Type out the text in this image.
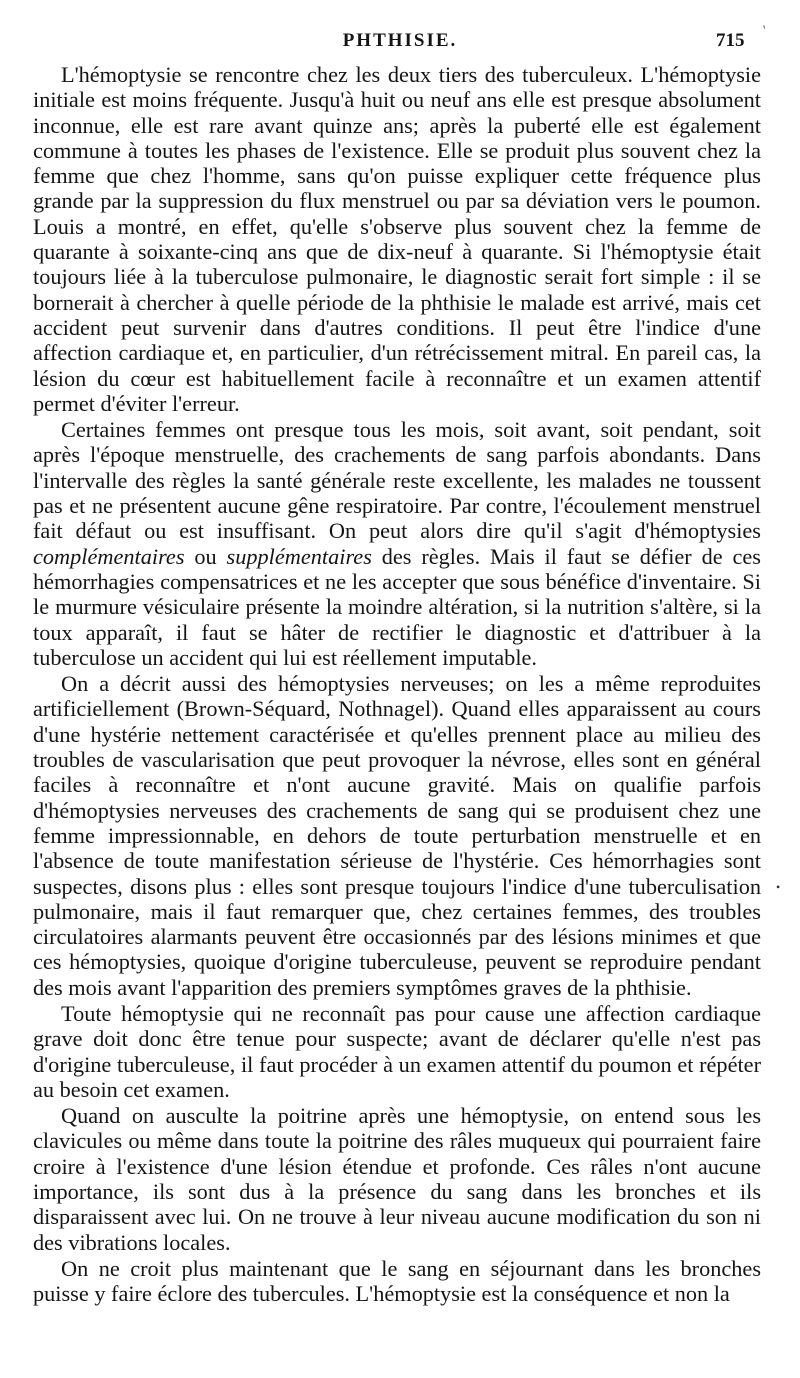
PHTHISIE.	715 ′

L'hémoptysie se rencontre chez les deux tiers des tuberculeux. L'hémoptysie initiale est moins fréquente. Jusqu'à huit ou neuf ans elle est presque absolument inconnue, elle est rare avant quinze ans; après la puberté elle est également commune à toutes les phases de l'existence. Elle se produit plus souvent chez la femme que chez l'homme, sans qu'on puisse expliquer cette fréquence plus grande par la suppression du flux menstruel ou par sa déviation vers le poumon. Louis a montré, en effet, qu'elle s'observe plus souvent chez la femme de quarante à soixante-cinq ans que de dix-neuf à quarante. Si l'hémoptysie était toujours liée à la tuberculose pulmonaire, le diagnostic serait fort simple : il se bornerait à chercher à quelle période de la phthisie le malade est arrivé, mais cet accident peut survenir dans d'autres conditions. Il peut être l'indice d'une affection cardiaque et, en particulier, d'un rétrécissement mitral. En pareil cas, la lésion du cœur est habituellement facile à reconnaître et un examen attentif permet d'éviter l'erreur.

Certaines femmes ont presque tous les mois, soit avant, soit pendant, soit après l'époque menstruelle, des crachements de sang parfois abondants. Dans l'intervalle des règles la santé générale reste excellente, les malades ne toussent pas et ne présentent aucune gêne respiratoire. Par contre, l'écoulement menstruel fait défaut ou est insuffisant. On peut alors dire qu'il s'agit d'hémoptysies complémentaires ou supplémentaires des règles. Mais il faut se défier de ces hémorrhagies compensatrices et ne les accepter que sous bénéfice d'inventaire. Si le murmure vésiculaire présente la moindre altération, si la nutrition s'altère, si la toux apparaît, il faut se hâter de rectifier le diagnostic et d'attribuer à la tuberculose un accident qui lui est réellement imputable.

On a décrit aussi des hémoptysies nerveuses; on les a même reproduites artificiellement (Brown-Séquard, Nothnagel). Quand elles apparaissent au cours d'une hystérie nettement caractérisée et qu'elles prennent place au milieu des troubles de vascularisation que peut provoquer la névrose, elles sont en général faciles à reconnaître et n'ont aucune gravité. Mais on qualifie parfois d'hémoptysies nerveuses des crachements de sang qui se produisent chez une femme impressionnable, en dehors de toute perturbation menstruelle et en l'absence de toute manifestation sérieuse de l'hystérie. Ces hémorrhagies sont suspectes, disons plus : elles sont presque toujours l'indice d'une tuberculisation pulmonaire, mais il faut remarquer que, chez certaines femmes, des troubles circulatoires alarmants peuvent être occasionnés par des lésions minimes et que ces hémoptysies, quoique d'origine tuberculeuse, peuvent se reproduire pendant des mois avant l'apparition des premiers symptômes graves de la phthisie.

Toute hémoptysie qui ne reconnaît pas pour cause une affection cardiaque grave doit donc être tenue pour suspecte; avant de déclarer qu'elle n'est pas d'origine tuberculeuse, il faut procéder à un examen attentif du poumon et répéter au besoin cet examen.

Quand on ausculte la poitrine après une hémoptysie, on entend sous les clavicules ou même dans toute la poitrine des râles muqueux qui pourraient faire croire à l'existence d'une lésion étendue et profonde. Ces râles n'ont aucune importance, ils sont dus à la présence du sang dans les bronches et ils disparaissent avec lui. On ne trouve à leur niveau aucune modification du son ni des vibrations locales.

On ne croit plus maintenant que le sang en séjournant dans les bronches puisse y faire éclore des tubercules. L'hémoptysie est la conséquence et non la

•
